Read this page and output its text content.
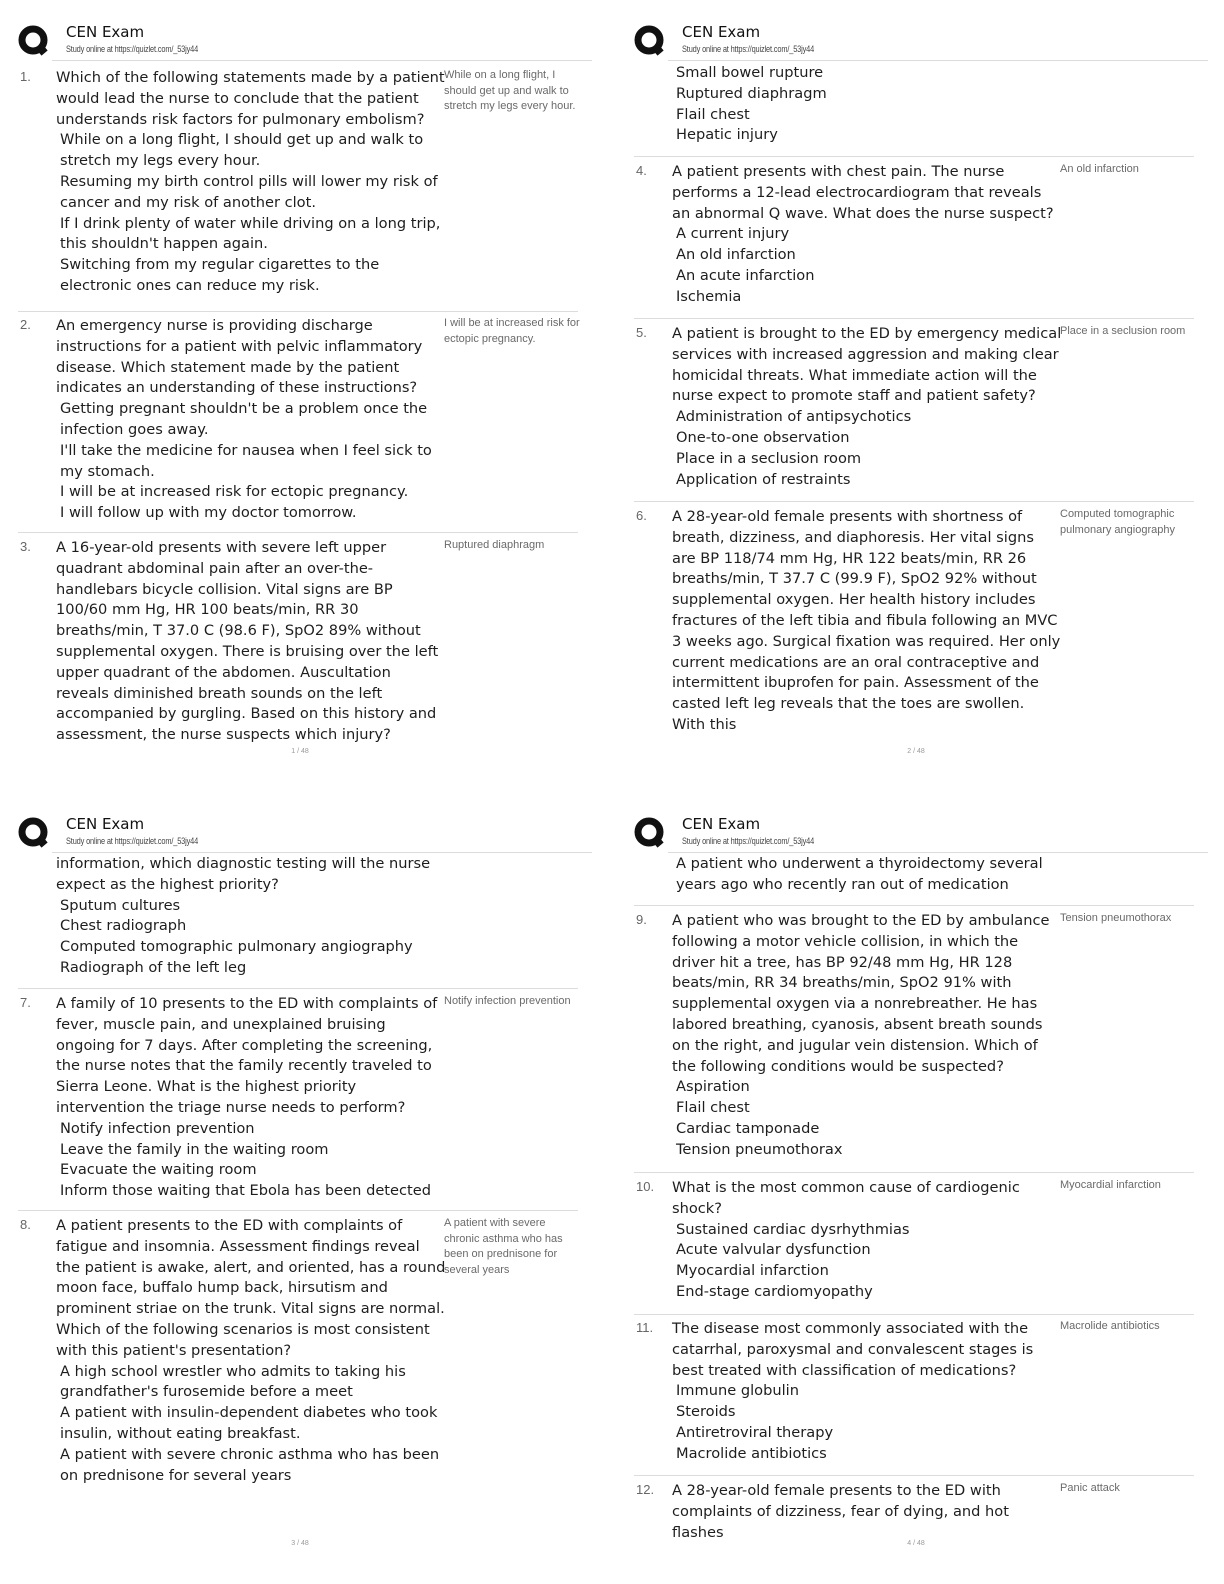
CEN Exam
Study online at https://quizlet.com/_53jy44
1. Which of the following statements made by a patient would lead the nurse to conclude that the patient understands risk factors for pulmonary embolism?

While on a long flight, I should get up and walk to stretch my legs every hour.

Resuming my birth control pills will lower my risk of cancer and my risk of another clot.

If I drink plenty of water while driving on a long trip, this shouldn't happen again.

Switching from my regular cigarettes to the electronic ones can reduce my risk.

While on a long flight, I should get up and walk to stretch my legs every hour.
2. An emergency nurse is providing discharge instructions for a patient with pelvic inflammatory disease. Which statement made by the patient indicates an understanding of these instructions?

Getting pregnant shouldn't be a problem once the infection goes away.

I'll take the medicine for nausea when I feel sick to my stomach.

I will be at increased risk for ectopic pregnancy.

I will follow up with my doctor tomorrow.

I will be at increased risk for ectopic pregnancy.
3. A 16-year-old presents with severe left upper quadrant abdominal pain after an over-the-handlebars bicycle collision. Vital signs are BP 100/60 mm Hg, HR 100 beats/min, RR 30 breaths/min, T 37.0 C (98.6 F), SpO2 89% without supplemental oxygen. There is bruising over the left upper quadrant of the abdomen. Auscultation reveals diminished breath sounds on the left accompanied by gurgling. Based on this history and assessment, the nurse suspects which injury?

Ruptured diaphragm
1 / 48
CEN Exam
Study online at https://quizlet.com/_53jy44

Small bowel rupture

Ruptured diaphragm

Flail chest

Hepatic injury

4. A patient presents with chest pain. The nurse performs a 12-lead electrocardiogram that reveals an abnormal Q wave. What does the nurse suspect?

A current injury

An old infarction

An acute infarction

Ischemia

An old infarction
5. A patient is brought to the ED by emergency medical services with increased aggression and making clear homicidal threats. What immediate action will the nurse expect to promote staff and patient safety?

Administration of antipsychotics

One-to-one observation

Place in a seclusion room

Application of restraints

Place in a seclusion room
6. A 28-year-old female presents with shortness of breath, dizziness, and diaphoresis. Her vital signs are BP 118/74 mm Hg, HR 122 beats/min, RR 26 breaths/min, T 37.7 C (99.9 F), SpO2 92% without supplemental oxygen. Her health history includes fractures of the left tibia and fibula following an MVC 3 weeks ago. Surgical fixation was required. Her only current medications are an oral contraceptive and intermittent ibuprofen for pain. Assessment of the casted left leg reveals that the toes are swollen. With this

Computed tomographic pulmonary angiography
2 / 48
CEN Exam
Study online at https://quizlet.com/_53jy44

information, which diagnostic testing will the nurse expect as the highest priority?

Sputum cultures

Chest radiograph

Computed tomographic pulmonary angiography

Radiograph of the left leg

7. A family of 10 presents to the ED with complaints of fever, muscle pain, and unexplained bruising ongoing for 7 days. After completing the screening, the nurse notes that the family recently traveled to Sierra Leone. What is the highest priority intervention the triage nurse needs to perform?

Notify infection prevention

Leave the family in the waiting room

Evacuate the waiting room

Inform those waiting that Ebola has been detected

Notify infection prevention
8. A patient presents to the ED with complaints of fatigue and insomnia. Assessment findings reveal the patient is awake, alert, and oriented, has a round moon face, buffalo hump back, hirsutism and prominent striae on the trunk. Vital signs are normal. Which of the following scenarios is most consistent with this patient's presentation?

A high school wrestler who admits to taking his grandfather's furosemide before a meet

A patient with insulin-dependent diabetes who took insulin, without eating breakfast.

A patient with severe chronic asthma who has been on prednisone for several years

A patient with severe chronic asthma who has been on prednisone for several years
3 / 48
CEN Exam
Study online at https://quizlet.com/_53jy44

A patient who underwent a thyroidectomy several years ago who recently ran out of medication

9. A patient who was brought to the ED by ambulance following a motor vehicle collision, in which the driver hit a tree, has BP 92/48 mm Hg, HR 128 beats/min, RR 34 breaths/min, SpO2 91% with supplemental oxygen via a nonrebreather. He has labored breathing, cyanosis, absent breath sounds on the right, and jugular vein distension. Which of the following conditions would be suspected?

Aspiration

Flail chest

Cardiac tamponade

Tension pneumothorax

Tension pneumothorax
10. What is the most common cause of cardiogenic shock?

Sustained cardiac dysrhythmias

Acute valvular dysfunction

Myocardial infarction

End-stage cardiomyopathy

Myocardial infarction
11. The disease most commonly associated with the catarrhal, paroxysmal and convalescent stages is best treated with classification of medications?

Immune globulin

Steroids

Antiretroviral therapy

Macrolide antibiotics

Macrolide antibiotics
12. A 28-year-old female presents to the ED with complaints of dizziness, fear of dying, and hot flashes

Panic attack
4 / 48
